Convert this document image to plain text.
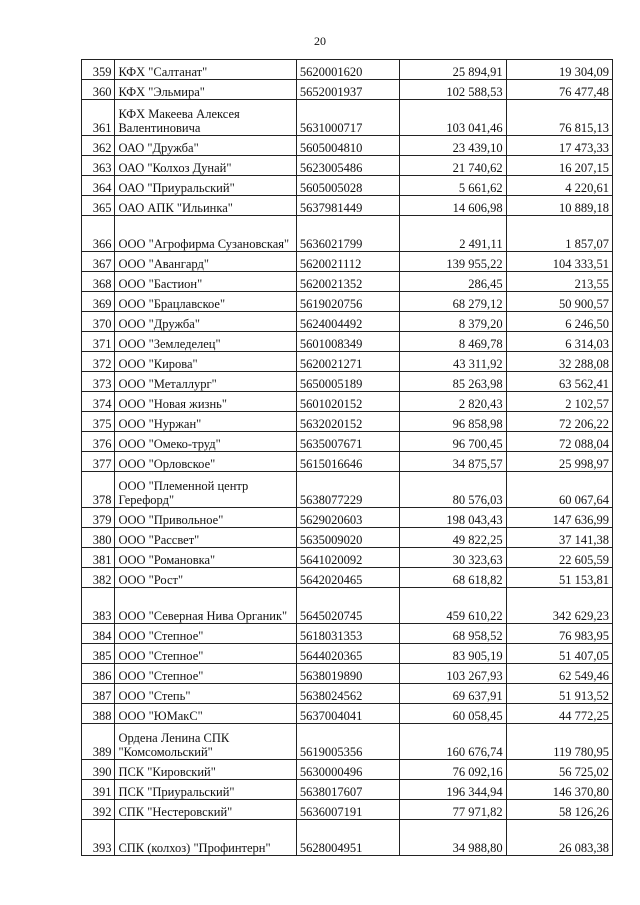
20
359	КФХ "Салтанат"	5620001620	25 894,91	19 304,09
360	КФХ "Эльмира"	5652001937	102 588,53	76 477,48
361	КФХ Макеева Алексея Валентиновича	5631000717	103 041,46	76 815,13
362	ОАО "Дружба"	5605004810	23 439,10	17 473,33
363	ОАО "Колхоз Дунай"	5623005486	21 740,62	16 207,15
364	ОАО "Приуральский"	5605005028	5 661,62	4 220,61
365	ОАО АПК "Ильинка"	5637981449	14 606,98	10 889,18
366	ООО "Агрофирма Сузановская"	5636021799	2 491,11	1 857,07
367	ООО "Авангард"	5620021112	139 955,22	104 333,51
368	ООО "Бастион"	5620021352	286,45	213,55
369	ООО "Брацлавское"	5619020756	68 279,12	50 900,57
370	ООО "Дружба"	5624004492	8 379,20	6 246,50
371	ООО "Земледелец"	5601008349	8 469,78	6 314,03
372	ООО "Кирова"	5620021271	43 311,92	32 288,08
373	ООО "Металлург"	5650005189	85 263,98	63 562,41
374	ООО "Новая жизнь"	5601020152	2 820,43	2 102,57
375	ООО "Нуржан"	5632020152	96 858,98	72 206,22
376	ООО "Омеко-труд"	5635007671	96 700,45	72 088,04
377	ООО "Орловское"	5615016646	34 875,57	25 998,97
378	ООО "Племенной центр Герефорд"	5638077229	80 576,03	60 067,64
379	ООО "Привольное"	5629020603	198 043,43	147 636,99
380	ООО "Рассвет"	5635009020	49 822,25	37 141,38
381	ООО "Романовка"	5641020092	30 323,63	22 605,59
382	ООО "Рост"	5642020465	68 618,82	51 153,81
383	ООО "Северная Нива Органик"	5645020745	459 610,22	342 629,23
384	ООО "Степное"	5618031353	68 958,52	76 983,95
385	ООО "Степное"	5644020365	83 905,19	51 407,05
386	ООО "Степное"	5638019890	103 267,93	62 549,46
387	ООО "Степь"	5638024562	69 637,91	51 913,52
388	ООО "ЮМакС"	5637004041	60 058,45	44 772,25
389	Ордена Ленина СПК "Комсомольский"	5619005356	160 676,74	119 780,95
390	ПСК "Кировский"	5630000496	76 092,16	56 725,02
391	ПСК "Приуральский"	5638017607	196 344,94	146 370,80
392	СПК "Нестеровский"	5636007191	77 971,82	58 126,26
393	СПК (колхоз) "Профинтерн"	5628004951	34 988,80	26 083,38
